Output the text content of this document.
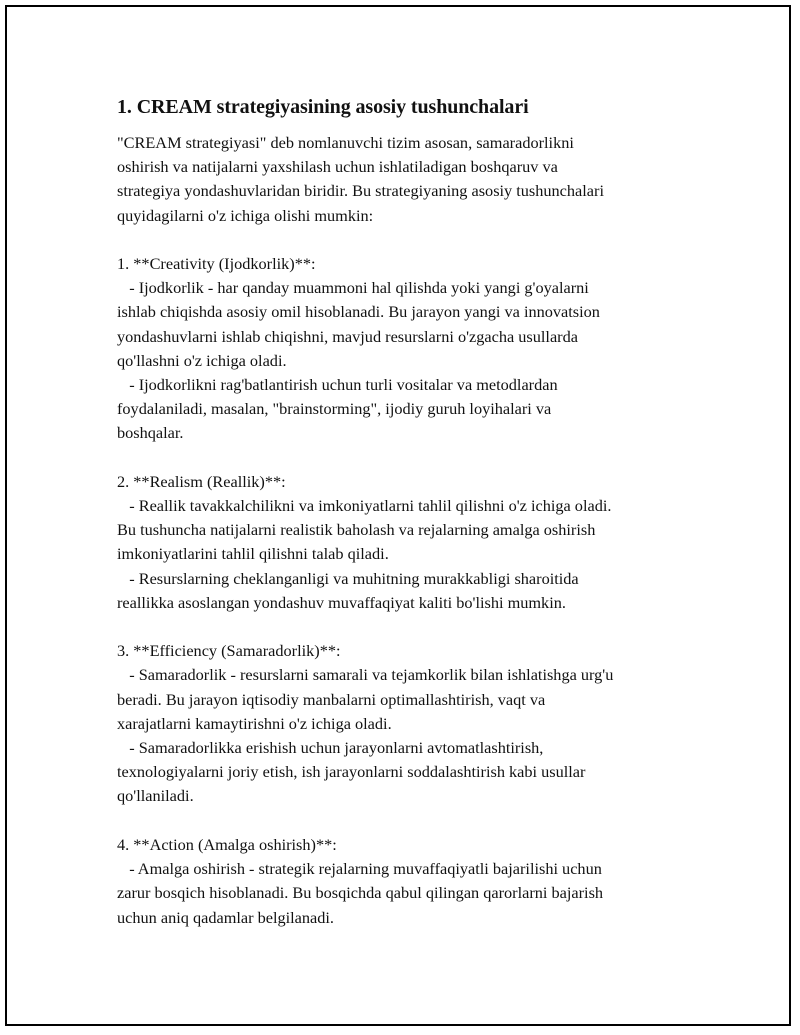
1. CREAM strategiyasining asosiy tushunchalari

"CREAM strategiyasi" deb nomlanuvchi tizim asosan, samaradorlikni
oshirish va natijalarni yaxshilash uchun ishlatiladigan boshqaruv va
strategiya yondashuvlaridan biridir. Bu strategiyaning asosiy tushunchalari
quyidagilarni o'z ichiga olishi mumkin:

1. **Creativity (Ijodkorlik)**:
- Ijodkorlik - har qanday muammoni hal qilishda yoki yangi g'oyalarni
ishlab chiqishda asosiy omil hisoblanadi. Bu jarayon yangi va innovatsion
yondashuvlarni ishlab chiqishni, mavjud resurslarni o'zgacha usullarda
qo'llashni o'z ichiga oladi.
- Ijodkorlikni rag'batlantirish uchun turli vositalar va metodlardan
foydalaniladi, masalan, "brainstorming", ijodiy guruh loyihalari va
boshqalar.

2. **Realism (Reallik)**:
- Reallik tavakkalchilikni va imkoniyatlarni tahlil qilishni o'z ichiga oladi.
Bu tushuncha natijalarni realistik baholash va rejalarning amalga oshirish
imkoniyatlarini tahlil qilishni talab qiladi.
- Resurslarning cheklanganligi va muhitning murakkabligi sharoitida
reallikka asoslangan yondashuv muvaffaqiyat kaliti bo'lishi mumkin.

3. **Efficiency (Samaradorlik)**:
- Samaradorlik - resurslarni samarali va tejamkorlik bilan ishlatishga urg'u
beradi. Bu jarayon iqtisodiy manbalarni optimallashtirish, vaqt va
xarajatlarni kamaytirishni o'z ichiga oladi.
- Samaradorlikka erishish uchun jarayonlarni avtomatlashtirish,
texnologiyalarni joriy etish, ish jarayonlarni soddalashtirish kabi usullar
qo'llaniladi.

4. **Action (Amalga oshirish)**:
- Amalga oshirish - strategik rejalarning muvaffaqiyatli bajarilishi uchun
zarur bosqich hisoblanadi. Bu bosqichda qabul qilingan qarorlarni bajarish
uchun aniq qadamlar belgilanadi.
